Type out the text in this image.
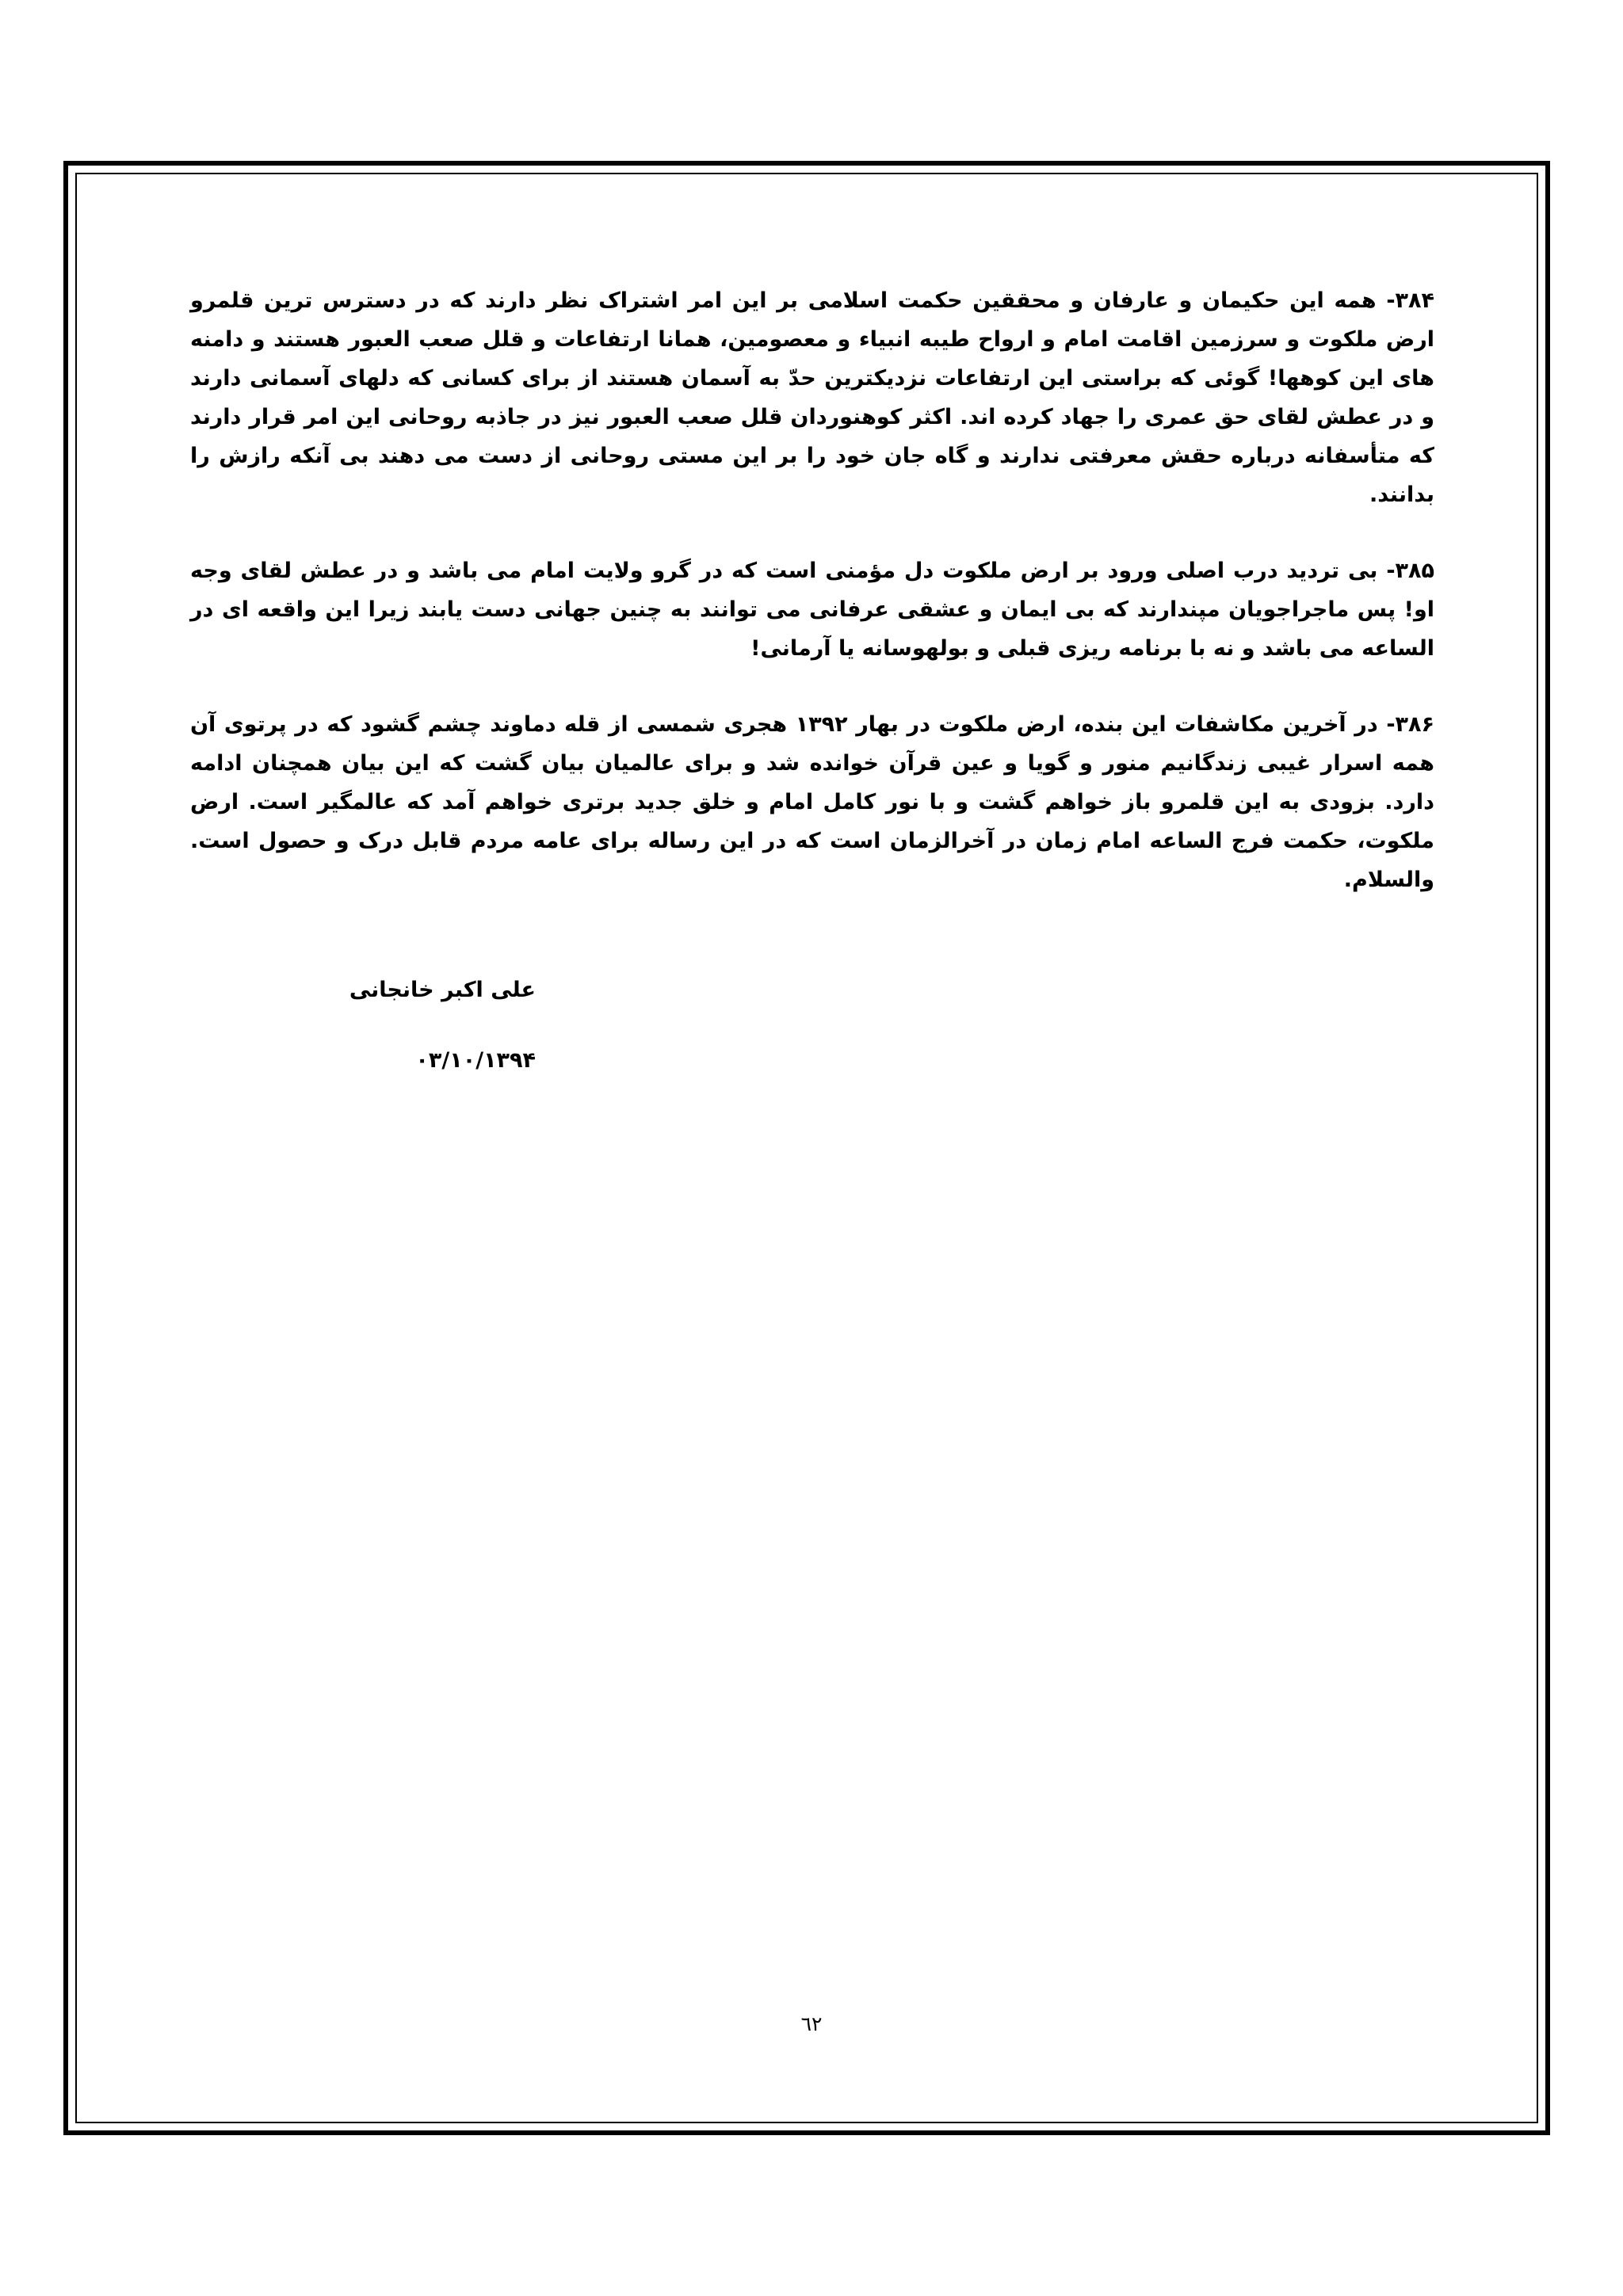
٣٨۴- همه این حکیمان و عارفان و محققین حکمت اسلامی بر این امر اشتراک نظر دارند که در دسترس ترین قلمرو ارض ملکوت و سرزمین اقامت امام و ارواح طیبه انبیاء و معصومین، همانا ارتفاعات و قلل صعب العبور هستند و دامنه های این کوهها! گوئی که براستی این ارتفاعات نزدیکترین حدّ به آسمان هستند از برای کسانی که دلهای آسمانی دارند و در عطش لقای حق عمری را جهاد کرده اند. اکثر کوهنوردان قلل صعب العبور نیز در جاذبه روحانی این امر قرار دارند که متأسفانه درباره حقش معرفتی ندارند و گاه جان خود را بر این مستی روحانی از دست می دهند بی آنکه رازش را بدانند.

٣٨۵- بی تردید درب اصلی ورود بر ارض ملکوت دل مؤمنی است که در گرو ولایت امام می باشد و در عطش لقای وجه او! پس ماجراجویان مپندارند که بی ایمان و عشقی عرفانی می توانند به چنین جهانی دست یابند زیرا این واقعه ای در الساعه می باشد و نه با برنامه ریزی قبلی و بولهوسانه یا آرمانی!

٣٨۶- در آخرین مکاشفات این بنده، ارض ملکوت در بهار ١٣٩٢ هجری شمسی از قله دماوند چشم گشود که در پرتوی آن همه اسرار غیبی زندگانیم منور و گویا و عین قرآن خوانده شد و برای عالمیان بیان گشت که این بیان همچنان ادامه دارد. بزودی به این قلمرو باز خواهم گشت و با نور کامل امام و خلق جدید برتری خواهم آمد که عالمگیر است. ارض ملکوت، حکمت فرج الساعه امام زمان در آخرالزمان است که در این رساله برای عامه مردم قابل درک و حصول است. والسلام.

علی اکبر خانجانی
١٣٩۴/٠٣/١٠
٦٢
